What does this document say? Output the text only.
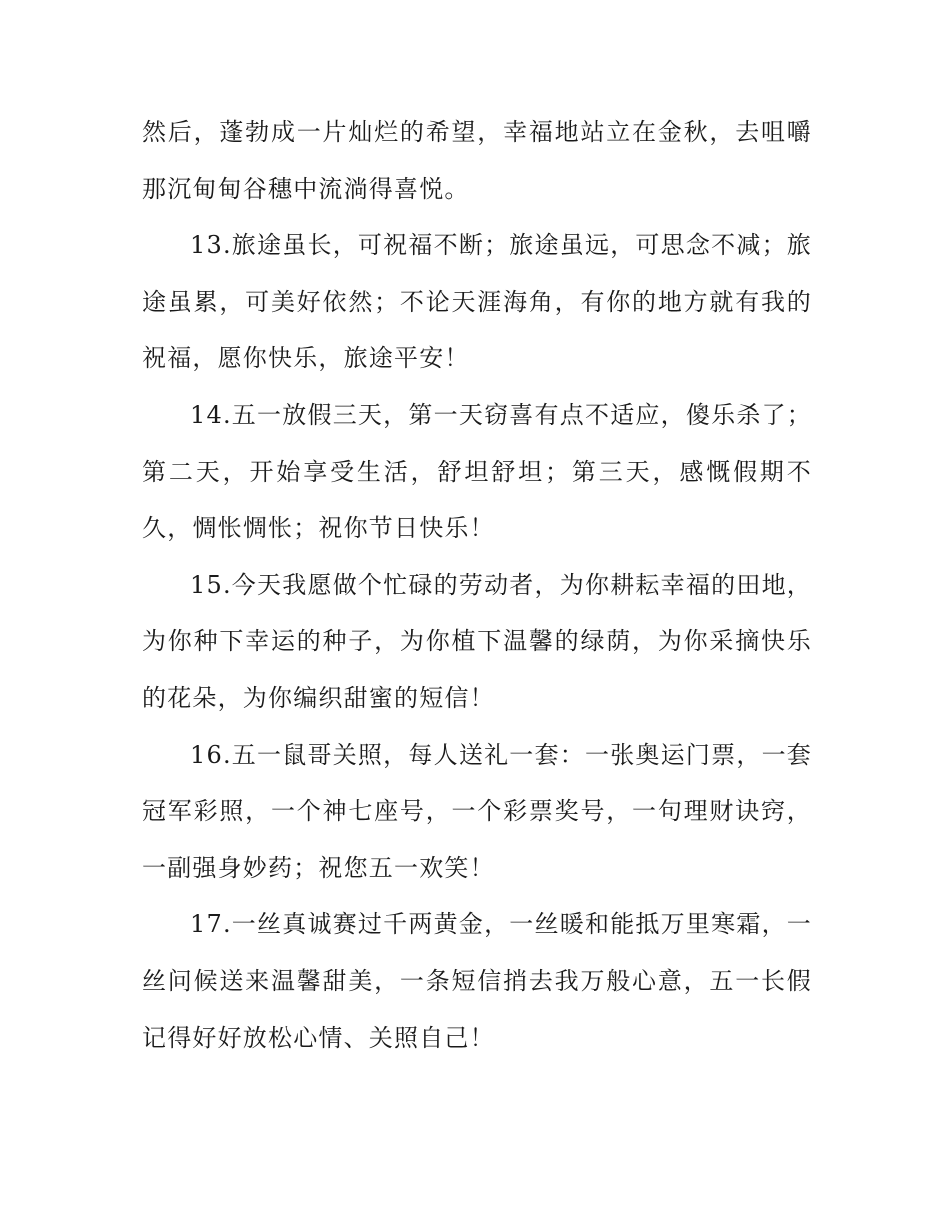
然后，蓬勃成一片灿烂的希望，幸福地站立在金秋，去咀嚼那沉甸甸谷穗中流淌得喜悦。

13.旅途虽长，可祝福不断；旅途虽远，可思念不减；旅途虽累，可美好依然；不论天涯海角，有你的地方就有我的祝福，愿你快乐，旅途平安！

14.五一放假三天，第一天窃喜有点不适应，傻乐杀了；第二天，开始享受生活，舒坦舒坦；第三天，感慨假期不久，惆怅惆怅；祝你节日快乐！

15.今天我愿做个忙碌的劳动者，为你耕耘幸福的田地，为你种下幸运的种子，为你植下温馨的绿荫，为你采摘快乐的花朵，为你编织甜蜜的短信！

16.五一鼠哥关照，每人送礼一套：一张奥运门票，一套冠军彩照，一个神七座号，一个彩票奖号，一句理财诀窍，一副强身妙药；祝您五一欢笑！

17.一丝真诚赛过千两黄金，一丝暖和能抵万里寒霜，一丝问候送来温馨甜美，一条短信捎去我万般心意，五一长假记得好好放松心情、关照自己！
